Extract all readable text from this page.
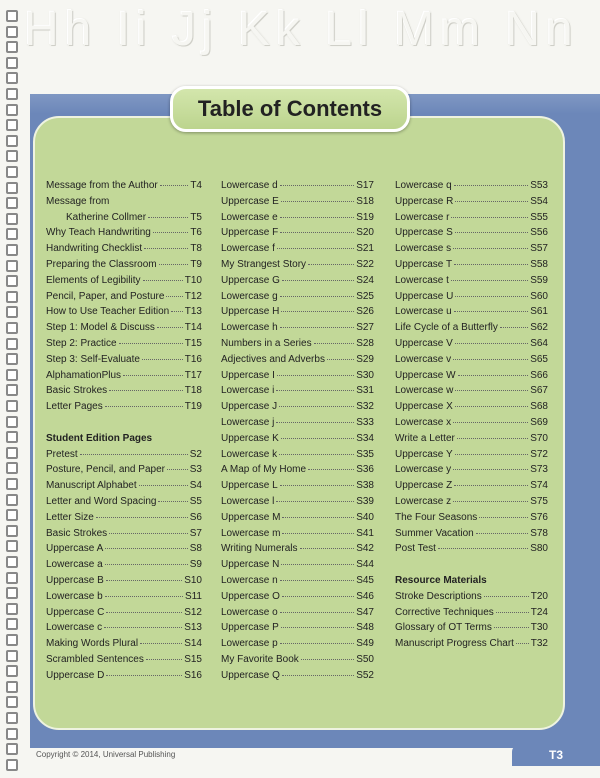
Hh Ii Jj Kk Ll Mm Nn
Table of Contents
Message from the Author	T4
Message from
Katherine Collmer	T5
Why Teach Handwriting	T6
Handwriting Checklist	T8
Preparing the Classroom	T9
Elements of Legibility	T10
Pencil, Paper, and Posture T12
How to Use Teacher Edition T13
Step 1: Model & Discuss	T14
Step 2: Practice	T15
Step 3: Self-Evaluate	T16
AlphamationPlus	T17
Basic Strokes	T18
Letter Pages	T19
Student Edition Pages
Pretest	S2
Posture, Pencil, and Paper S3
Manuscript Alphabet	S4
Letter and Word Spacing	S5
Letter Size	S6
Basic Strokes	S7
Uppercase A	S8
Lowercase a	S9
Uppercase B	S10
Lowercase b	S11
Uppercase C	S12
Lowercase c	S13
Making Words Plural	S14
Scrambled Sentences	S15
Uppercase D	S16
Lowercase d	S17
Uppercase E	S18
Lowercase e	S19
Uppercase F	S20
Lowercase f	S21
My Strangest Story	S22
Uppercase G	S24
Lowercase g	S25
Uppercase H	S26
Lowercase h	S27
Numbers in a Series	S28
Adjectives and Adverbs	S29
Uppercase I	S30
Lowercase i	S31
Uppercase J	S32
Lowercase j	S33
Uppercase K	S34
Lowercase k	S35
A Map of My Home	S36
Uppercase L	S38
Lowercase l	S39
Uppercase M	S40
Lowercase m	S41
Writing Numerals	S42
Uppercase N	S44
Lowercase n	S45
Uppercase O	S46
Lowercase o	S47
Uppercase P	S48
Lowercase p	S49
My Favorite Book	S50
Uppercase Q	S52
Lowercase q	S53
Uppercase R	S54
Lowercase r	S55
Uppercase S	S56
Lowercase s	S57
Uppercase T	S58
Lowercase t	S59
Uppercase U	S60
Lowercase u	S61
Life Cycle of a Butterfly	S62
Uppercase V	S64
Lowercase v	S65
Uppercase W	S66
Lowercase w	S67
Uppercase X	S68
Lowercase x	S69
Write a Letter	S70
Uppercase Y	S72
Lowercase y	S73
Uppercase Z	S74
Lowercase z	S75
The Four Seasons	S76
Summer Vacation	S78
Post Test	S80
Resource Materials
Stroke Descriptions	T20
Corrective Techniques	T24
Glossary of OT Terms	T30
Manuscript Progress Chart T32
Copyright © 2014, Universal Publishing	T3
